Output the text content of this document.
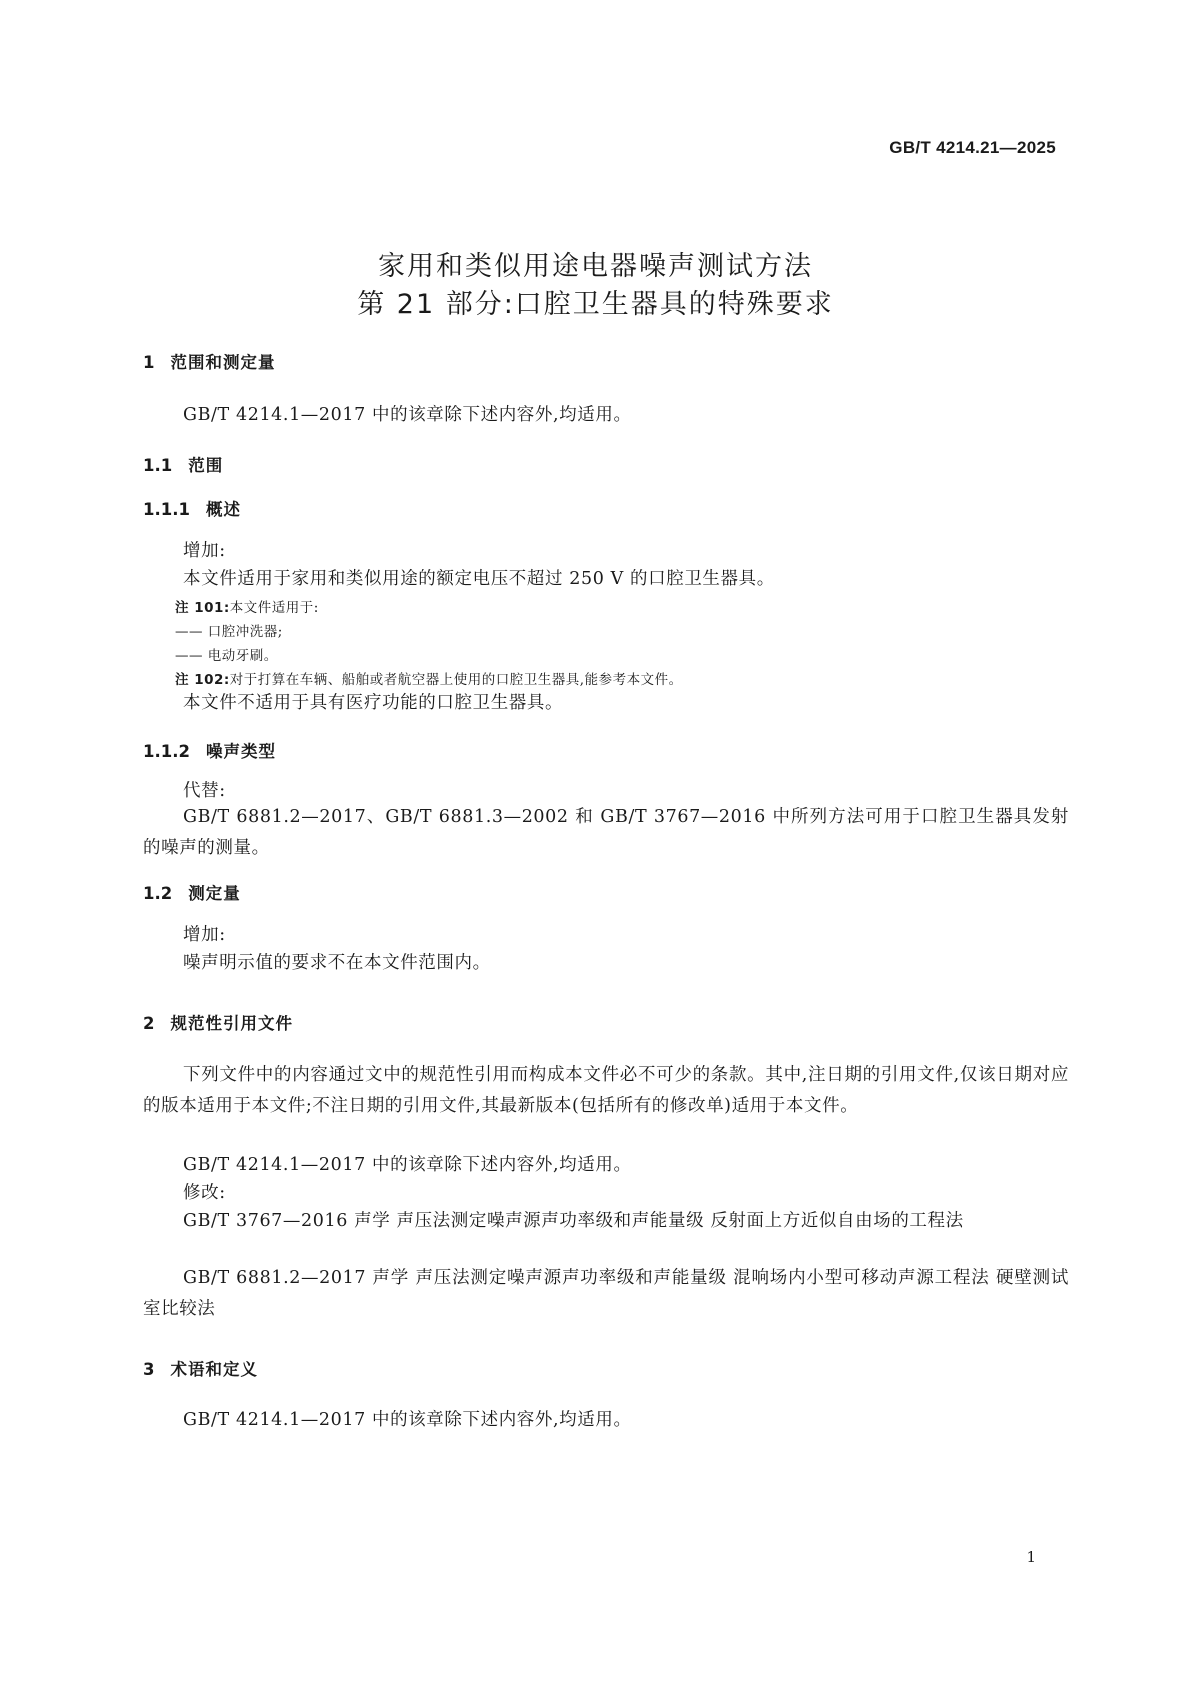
GB/T 4214.21—2025
家用和类似用途电器噪声测试方法
第 21 部分:口腔卫生器具的特殊要求
1 范围和测定量

GB/T 4214.1—2017 中的该章除下述内容外,均适用。

1.1 范围
1.1.1 概述

增加:

本文件适用于家用和类似用途的额定电压不超过 250 V 的口腔卫生器具。

注 101:本文件适用于:
—— 口腔冲洗器;
—— 电动牙刷。
注 102:对于打算在车辆、船舶或者航空器上使用的口腔卫生器具,能参考本文件。

本文件不适用于具有医疗功能的口腔卫生器具。

1.1.2 噪声类型

代替:

GB/T 6881.2—2017、GB/T 6881.3—2002 和 GB/T 3767—2016 中所列方法可用于口腔卫生器具发射的噪声的测量。

1.2 测定量

增加:

噪声明示值的要求不在本文件范围内。

2 规范性引用文件

下列文件中的内容通过文中的规范性引用而构成本文件必不可少的条款。其中,注日期的引用文件,仅该日期对应的版本适用于本文件;不注日期的引用文件,其最新版本(包括所有的修改单)适用于本文件。

GB/T 4214.1—2017 中的该章除下述内容外,均适用。

修改:

GB/T 3767—2016 声学 声压法测定噪声源声功率级和声能量级 反射面上方近似自由场的工程法

GB/T 6881.2—2017 声学 声压法测定噪声源声功率级和声能量级 混响场内小型可移动声源工程法 硬壁测试室比较法

3 术语和定义

GB/T 4214.1—2017 中的该章除下述内容外,均适用。

1
